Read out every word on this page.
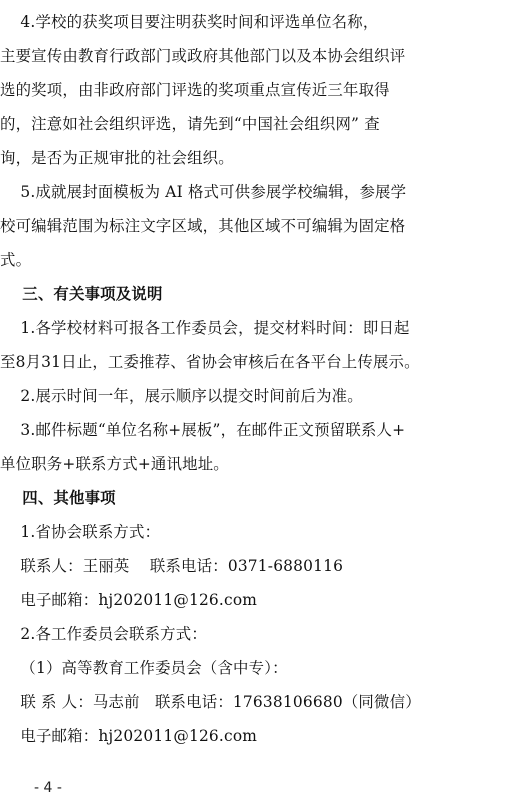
4.学校的获奖项目要注明获奖时间和评选单位名称，
主要宣传由教育行政部门或政府其他部门以及本协会组织评
选的奖项，由非政府部门评选的奖项重点宣传近三年取得
的，注意如社会组织评选，请先到“中国社会组织网” 查
询，是否为正规审批的社会组织。
5.成就展封面模板为 AI 格式可供参展学校编辑，参展学
校可编辑范围为标注文字区域，其他区域不可编辑为固定格
式。
三、有关事项及说明
1.各学校材料可报各工作委员会，提交材料时间：即日起
至8月31日止，工委推荐、省协会审核后在各平台上传展示。
2.展示时间一年，展示顺序以提交时间前后为准。
3.邮件标题“单位名称+展板”，在邮件正文预留联系人+
单位职务+联系方式+通讯地址。
四、其他事项
1.省协会联系方式：
联系人：王丽英    联系电话：0371-6880116
电子邮箱：hj202011@126.com
2.各工作委员会联系方式：
（1）高等教育工作委员会（含中专）：
联 系 人：马志前   联系电话：17638106680（同微信）
电子邮箱：hj202011@126.com
- 4 -
